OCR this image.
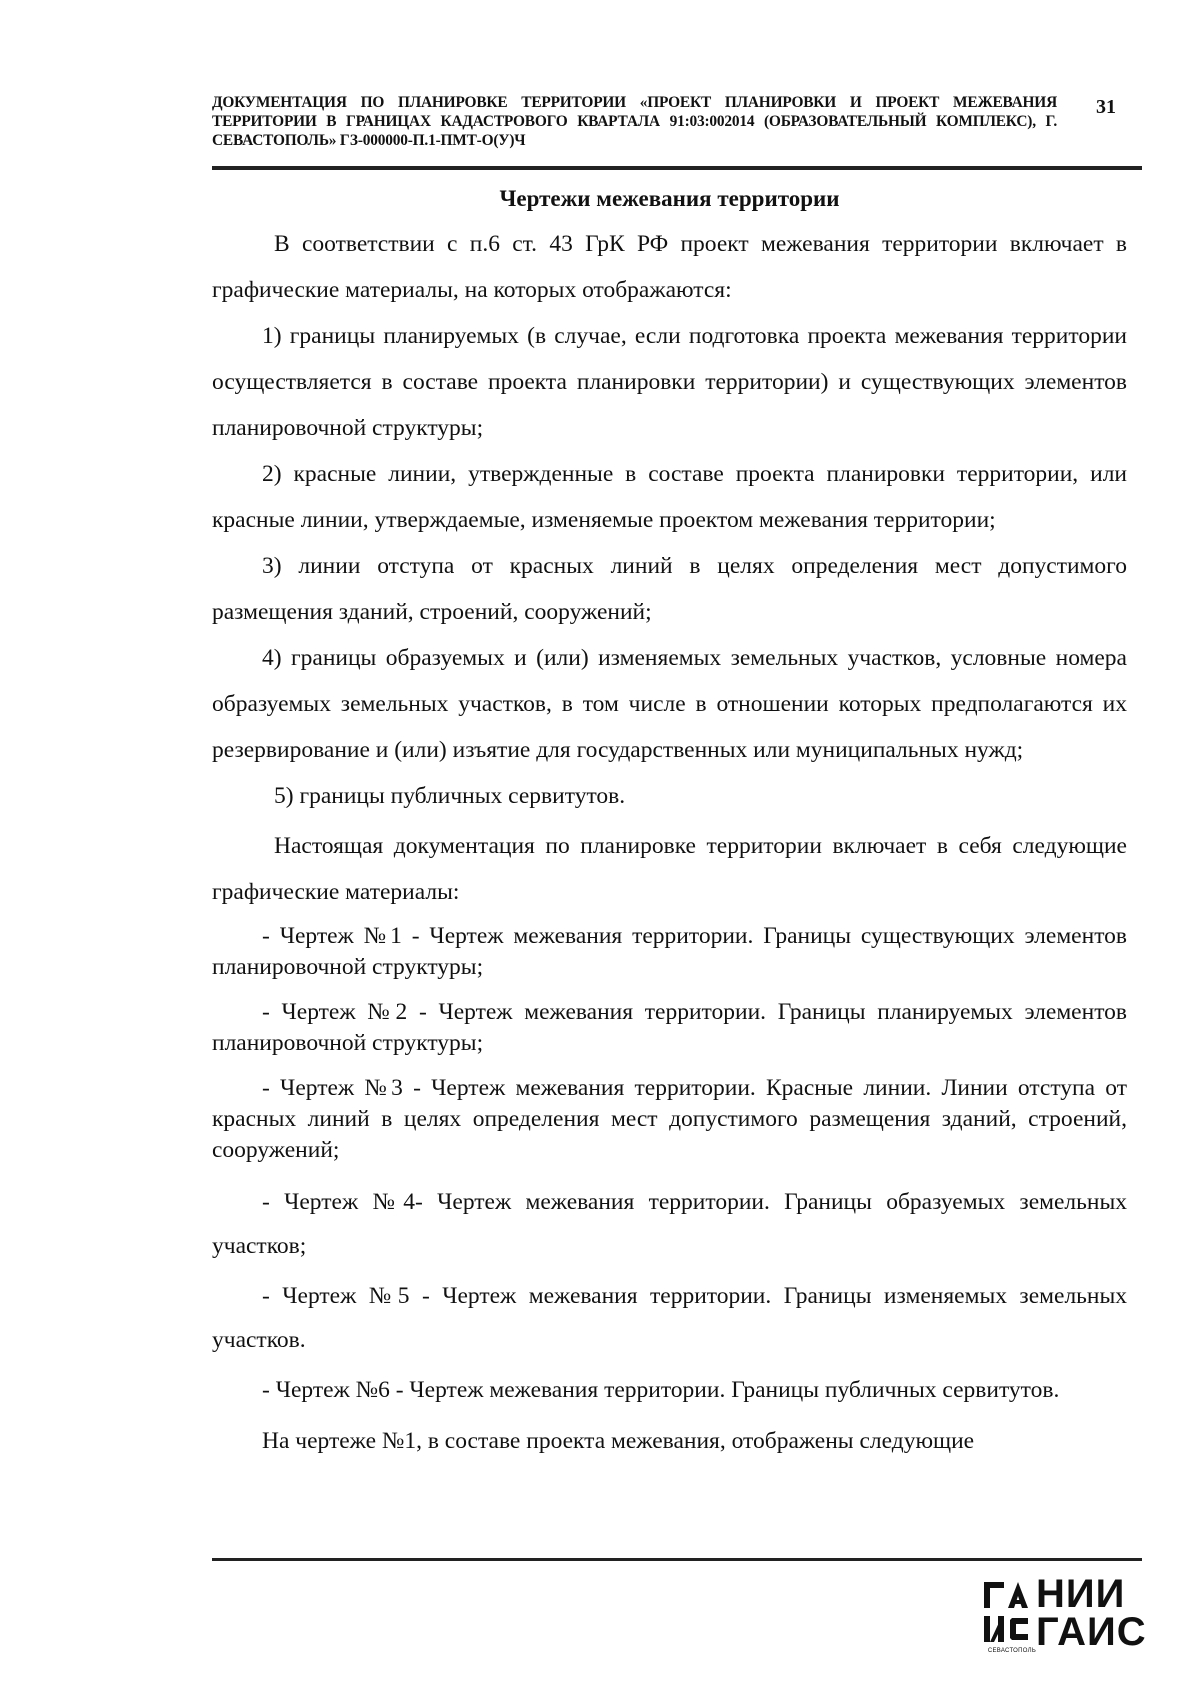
ДОКУМЕНТАЦИЯ ПО ПЛАНИРОВКЕ ТЕРРИТОРИИ «ПРОЕКТ ПЛАНИРОВКИ И ПРОЕКТ МЕЖЕВАНИЯ ТЕРРИТОРИИ В ГРАНИЦАХ КАДАСТРОВОГО КВАРТАЛА 91:03:002014 (ОБРАЗОВАТЕЛЬНЫЙ КОМПЛЕКС), Г. СЕВАСТОПОЛЬ» ГЗ-000000-П.1-ПМТ-О(У)Ч
31
Чертежи межевания территории

В соответствии с п.6 ст. 43 ГрК РФ проект межевания территории включает в графические материалы, на которых отображаются:

1) границы планируемых (в случае, если подготовка проекта межевания территории осуществляется в составе проекта планировки территории) и существующих элементов планировочной структуры;

2) красные линии, утвержденные в составе проекта планировки территории, или красные линии, утверждаемые, изменяемые проектом межевания территории;

3) линии отступа от красных линий в целях определения мест допустимого размещения зданий, строений, сооружений;

4) границы образуемых и (или) изменяемых земельных участков, условные номера образуемых земельных участков, в том числе в отношении которых предполагаются их резервирование и (или) изъятие для государственных или муниципальных нужд;

5) границы публичных сервитутов.

Настоящая документация по планировке территории включает в себя следующие графические материалы:

- Чертеж №1 - Чертеж межевания территории. Границы существующих элементов планировочной структуры;

- Чертеж №2 - Чертеж межевания территории. Границы планируемых элементов планировочной структуры;

- Чертеж №3 - Чертеж межевания территории. Красные линии. Линии отступа от красных линий в целях определения мест допустимого размещения зданий, строений, сооружений;

- Чертеж №4- Чертеж межевания территории. Границы образуемых земельных участков;

- Чертеж №5 - Чертеж межевания территории. Границы изменяемых земельных участков.

- Чертеж №6 - Чертеж межевания территории. Границы публичных сервитутов.

На чертеже №1, в составе проекта межевания, отображены следующие

НИИ
ГАИС
СЕВАСТОПОЛЬ
